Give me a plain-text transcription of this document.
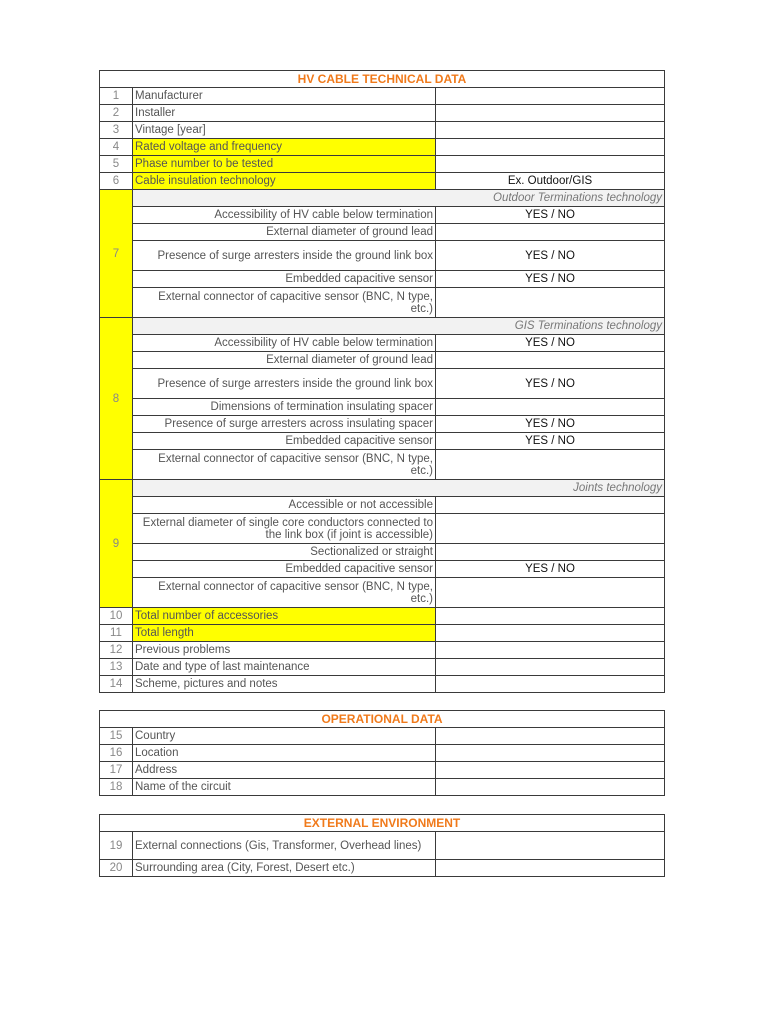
HV CABLE TECHNICAL DATA		
1	Manufacturer	
2	Installer	
3	Vintage [year]	
4	Rated voltage and frequency	
5	Phase number to be tested	
6	Cable insulation technology	Ex. Outdoor/GIS
7	Outdoor Terminations technology	
	Accessibility of HV cable below termination	YES / NO
	External diameter of ground lead	
	Presence of surge arresters inside the ground link box	YES / NO
	Embedded capacitive sensor	YES / NO
	External connector of capacitive sensor (BNC, N type, etc.)	
8	GIS Terminations technology	
	Accessibility of HV cable below termination	YES / NO
	External diameter of ground lead	
	Presence of surge arresters inside the ground link box	YES / NO
	Dimensions of termination insulating spacer	
	Presence of surge arresters across insulating spacer	YES / NO
	Embedded capacitive sensor	YES / NO
	External connector of capacitive sensor (BNC, N type, etc.)	
9	Joints technology	
	Accessible or not accessible	
	External diameter of single core conductors connected to the link box (if joint is accessible)	
	Sectionalized or straight	
	Embedded capacitive sensor	YES / NO
	External connector of capacitive sensor (BNC, N type, etc.)	
10	Total number of accessories	
11	Total length	
12	Previous problems	
13	Date and type of last maintenance	
14	Scheme, pictures and notes	
OPERATIONAL DATA		
15	Country	
16	Location	
17	Address	
18	Name of the circuit	
EXTERNAL ENVIRONMENT		
19	External connections (Gis, Transformer, Overhead lines)	
20	Surrounding area (City, Forest, Desert etc.)	
